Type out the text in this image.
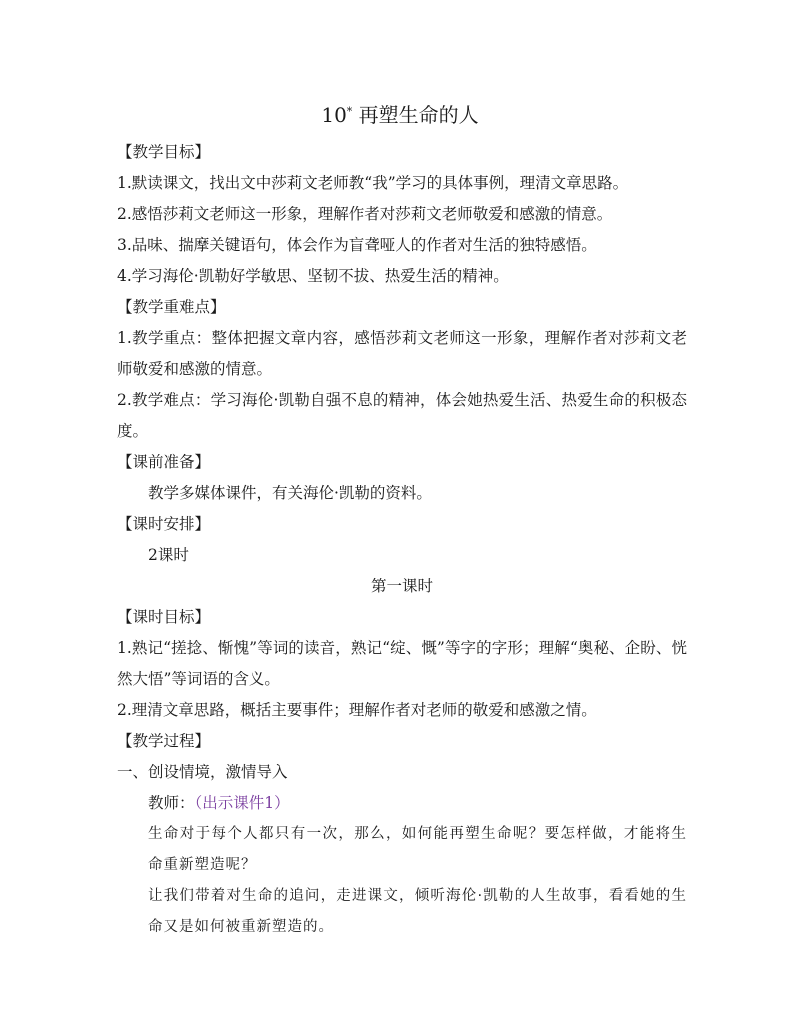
10* 再塑生命的人

【教学目标】

1.默读课文，找出文中莎莉文老师教“我”学习的具体事例，理清文章思路。

2.感悟莎莉文老师这一形象，理解作者对莎莉文老师敬爱和感激的情意。

3.品味、揣摩关键语句，体会作为盲聋哑人的作者对生活的独特感悟。

4.学习海伦·凯勒好学敏思、坚韧不拔、热爱生活的精神。

【教学重难点】

1.教学重点：整体把握文章内容，感悟莎莉文老师这一形象，理解作者对莎莉文老师敬爱和感激的情意。

2.教学难点：学习海伦·凯勒自强不息的精神，体会她热爱生活、热爱生命的积极态度。

【课前准备】

教学多媒体课件，有关海伦·凯勒的资料。

【课时安排】

2课时

第一课时

【课时目标】

1.熟记“搓捻、惭愧”等词的读音，熟记“绽、慨”等字的字形；理解“奥秘、企盼、恍然大悟”等词语的含义。

2.理清文章思路，概括主要事件；理解作者对老师的敬爱和感激之情。

【教学过程】

一、创设情境，激情导入

教师：（出示课件1）

生命对于每个人都只有一次，那么，如何能再塑生命呢？要怎样做，才能将生命重新塑造呢？

让我们带着对生命的追问，走进课文，倾听海伦·凯勒的人生故事，看看她的生命又是如何被重新塑造的。
